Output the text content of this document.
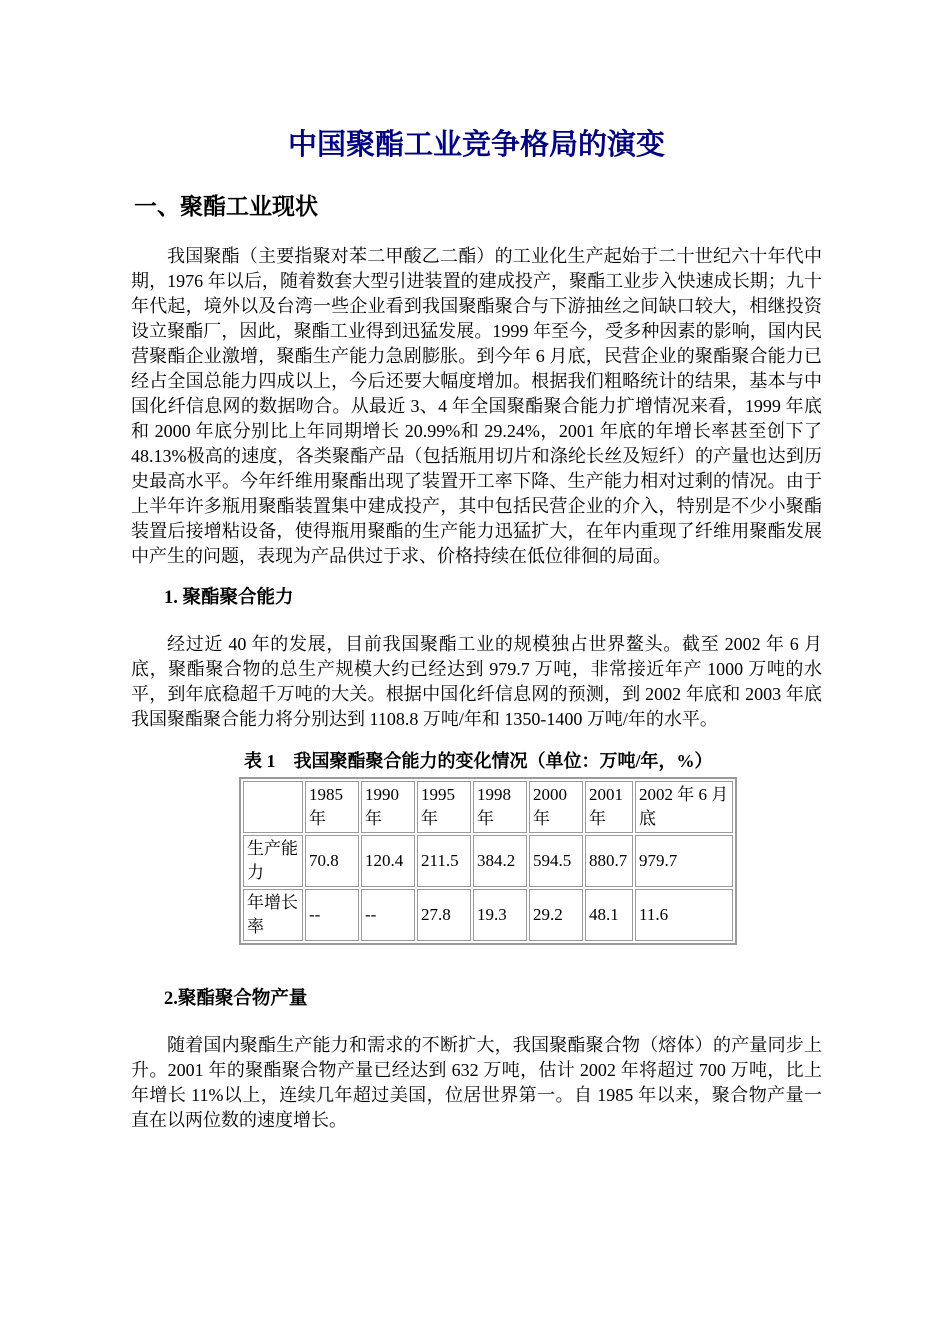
中国聚酯工业竞争格局的演变
一、聚酯工业现状

我国聚酯（主要指聚对苯二甲酸乙二酯）的工业化生产起始于二十世纪六十年代中期，1976 年以后，随着数套大型引进装置的建成投产，聚酯工业步入快速成长期；九十年代起，境外以及台湾一些企业看到我国聚酯聚合与下游抽丝之间缺口较大，相继投资设立聚酯厂，因此，聚酯工业得到迅猛发展。1999 年至今，受多种因素的影响，国内民营聚酯企业激增，聚酯生产能力急剧膨胀。到今年 6 月底，民营企业的聚酯聚合能力已经占全国总能力四成以上，今后还要大幅度增加。根据我们粗略统计的结果，基本与中国化纤信息网的数据吻合。从最近 3、4 年全国聚酯聚合能力扩增情况来看，1999 年底和 2000 年底分别比上年同期增长 20.99%和 29.24%，2001 年底的年增长率甚至创下了 48.13%极高的速度，各类聚酯产品（包括瓶用切片和涤纶长丝及短纤）的产量也达到历史最高水平。今年纤维用聚酯出现了装置开工率下降、生产能力相对过剩的情况。由于上半年许多瓶用聚酯装置集中建成投产，其中包括民营企业的介入，特别是不少小聚酯装置后接增粘设备，使得瓶用聚酯的生产能力迅猛扩大，在年内重现了纤维用聚酯发展中产生的问题，表现为产品供过于求、价格持续在低位徘徊的局面。

1. 聚酯聚合能力

经过近 40 年的发展，目前我国聚酯工业的规模独占世界鳌头。截至 2002 年 6 月底，聚酯聚合物的总生产规模大约已经达到 979.7 万吨，非常接近年产 1000 万吨的水平，到年底稳超千万吨的大关。根据中国化纤信息网的预测，到 2002 年底和 2003 年底我国聚酯聚合能力将分别达到 1108.8 万吨/年和 1350-1400 万吨/年的水平。

表 1　我国聚酯聚合能力的变化情况（单位：万吨/年，%）
	1985 年	1990 年	1995 年	1998 年	2000 年	2001 年	2002 年 6 月底
生产能力	70.8	120.4	211.5	384.2	594.5	880.7	979.7
年增长率	--	--	27.8	19.3	29.2	48.1	11.6
2.聚酯聚合物产量

随着国内聚酯生产能力和需求的不断扩大，我国聚酯聚合物（熔体）的产量同步上升。2001 年的聚酯聚合物产量已经达到 632 万吨，估计 2002 年将超过 700 万吨，比上年增长 11%以上，连续几年超过美国，位居世界第一。自 1985 年以来，聚合物产量一直在以两位数的速度增长。
